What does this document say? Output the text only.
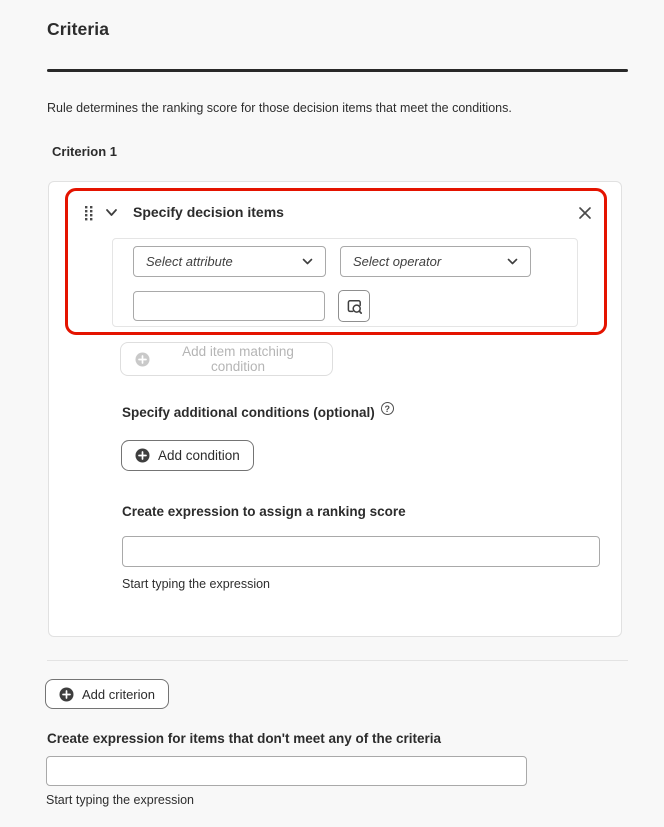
Criteria

Rule determines the ranking score for those decision items that meet the conditions.

Criterion 1
Specify decision items
Select attribute	Select operator
Add item matching condition
Specify additional conditions (optional)
?
Add condition
Create expression to assign a ranking score
Start typing the expression
Add criterion
Create expression for items that don't meet any of the criteria
Start typing the expression
